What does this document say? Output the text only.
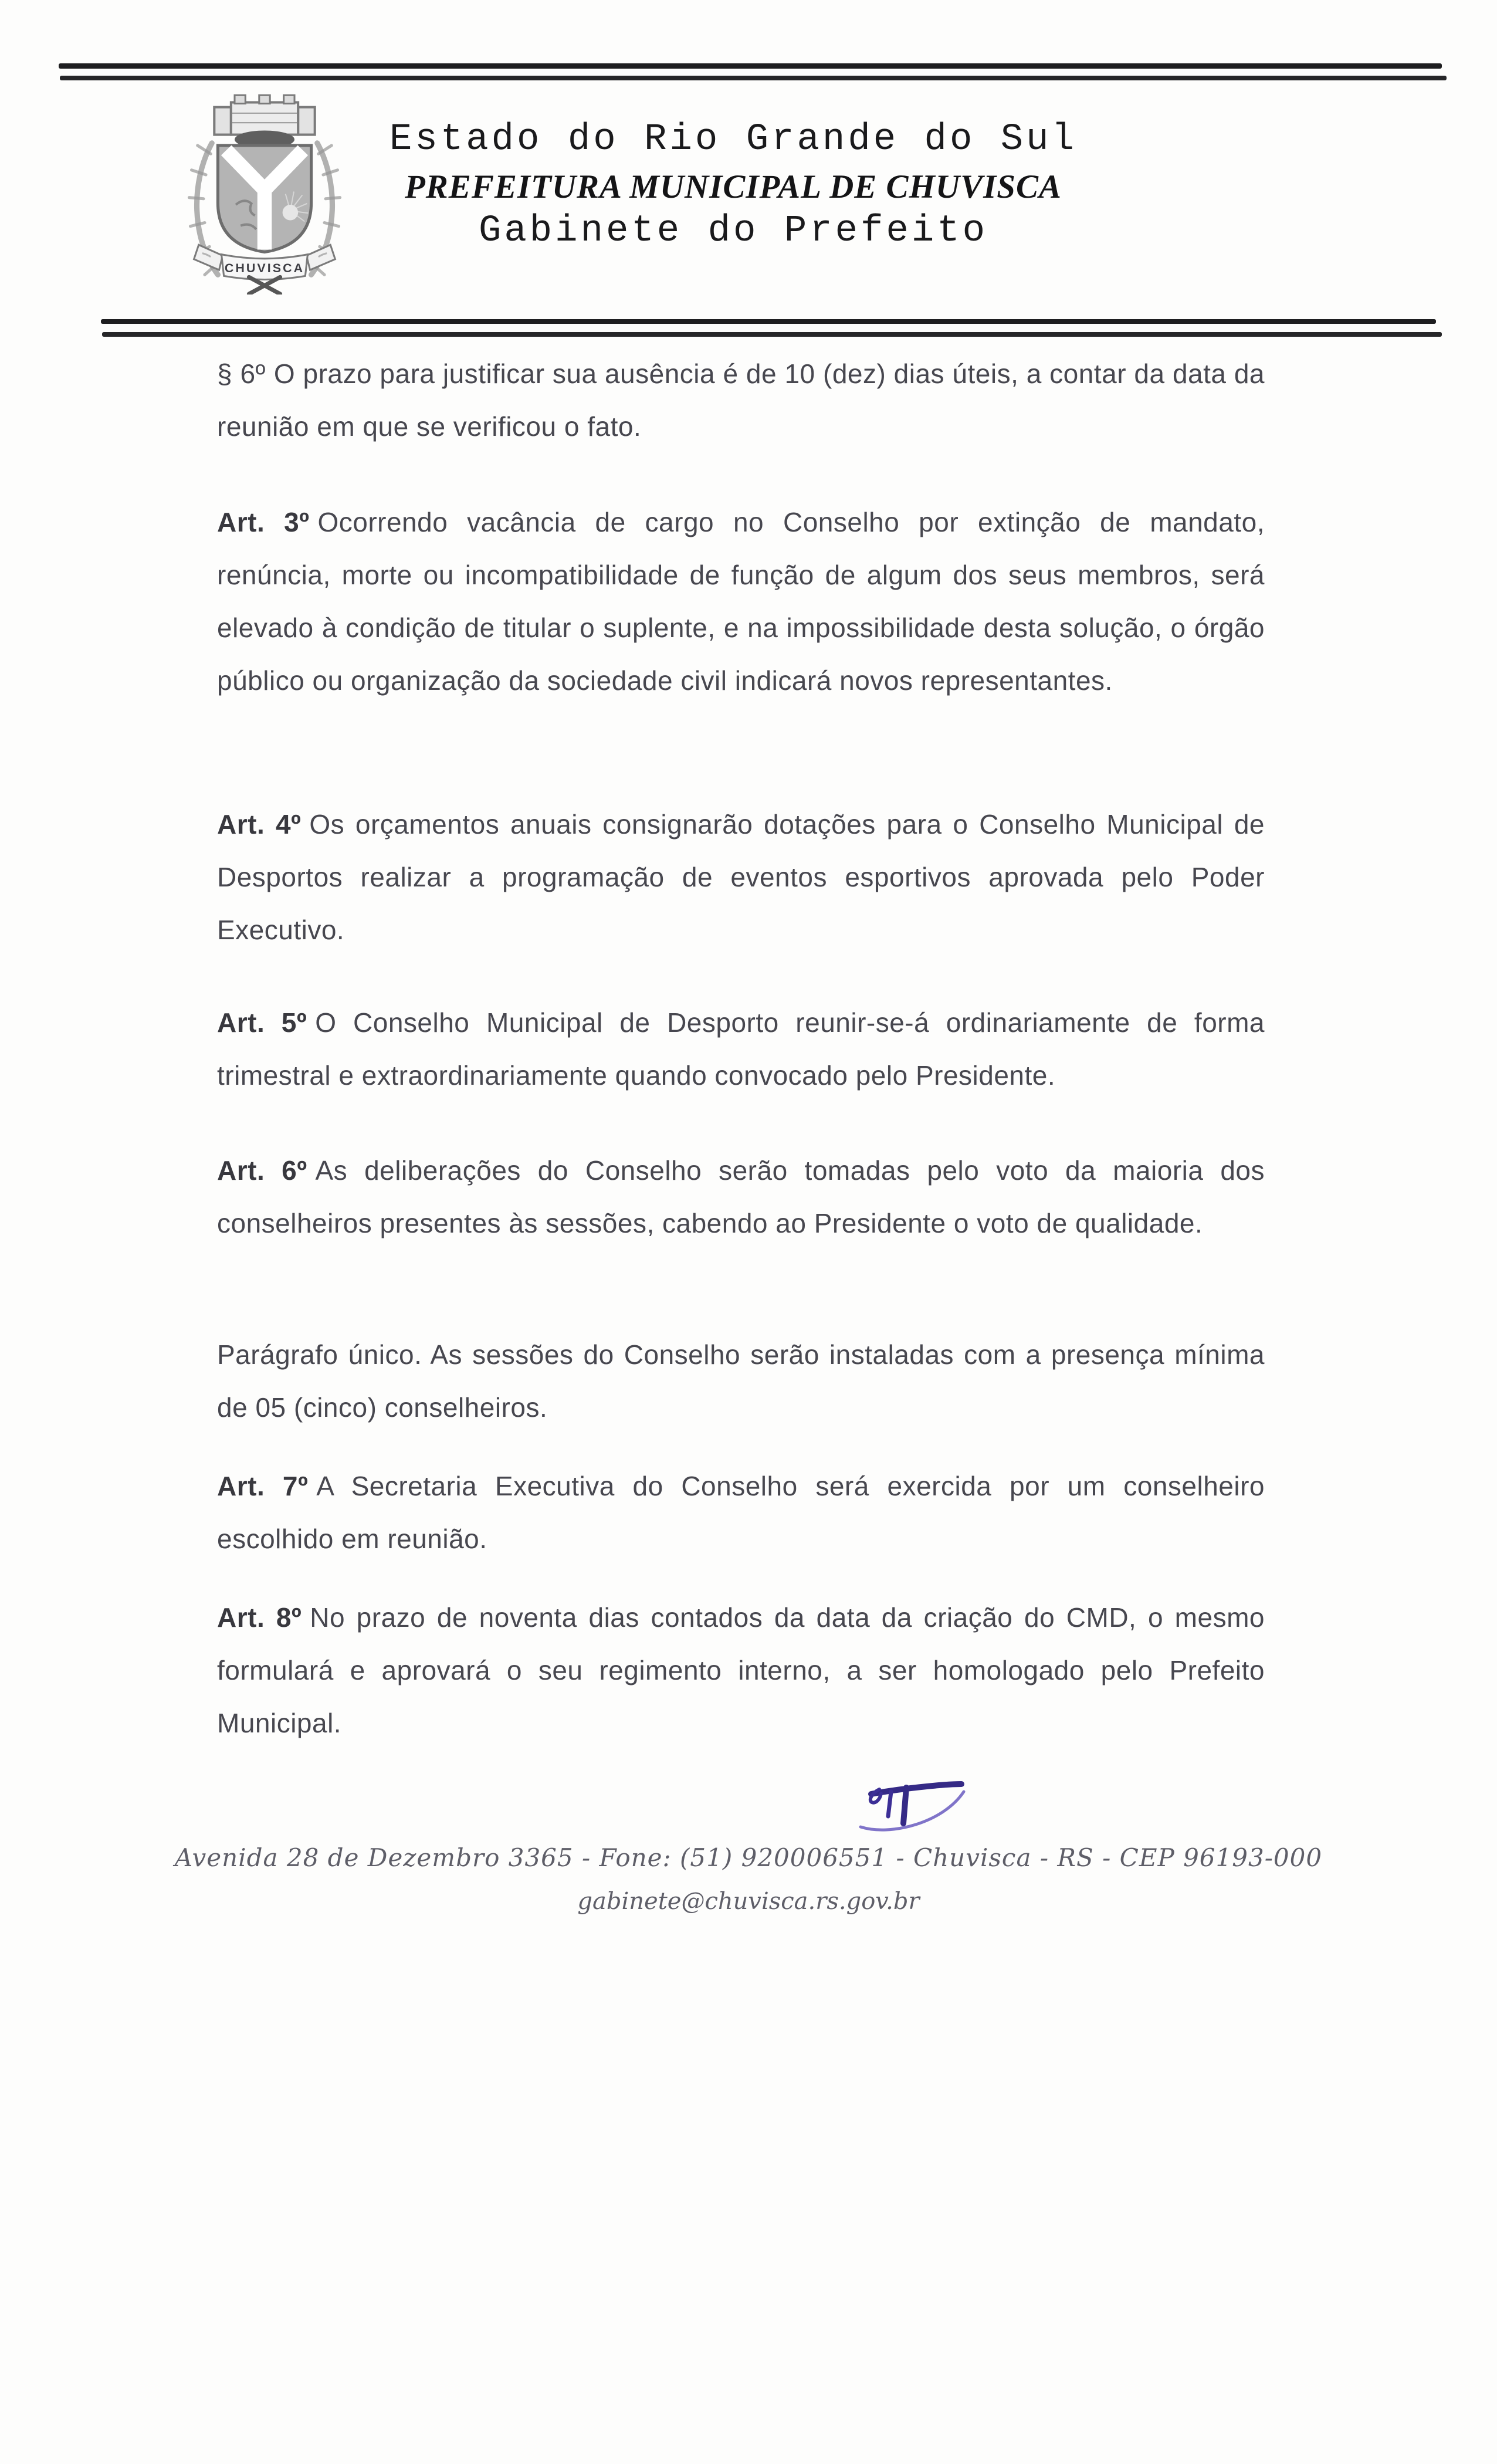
CHUVISCA
Estado do Rio Grande do Sul
PREFEITURA MUNICIPAL DE CHUVISCA
Gabinete do Prefeito
§ 6º O prazo para justificar sua ausência é de 10 (dez) dias úteis, a contar da data da reunião em que se verificou o fato.
Art. 3º Ocorrendo vacância de cargo no Conselho por extinção de mandato, renúncia, morte ou incompatibilidade de função de algum dos seus membros, será elevado à condição de titular o suplente, e na impossibilidade desta solução, o órgão público ou organização da sociedade civil indicará novos representantes.
Art. 4º Os orçamentos anuais consignarão dotações para o Conselho Municipal de Desportos realizar a programação de eventos esportivos aprovada pelo Poder Executivo.
Art. 5º O Conselho Municipal de Desporto reunir-se-á ordinariamente de forma trimestral e extraordinariamente quando convocado pelo Presidente.
Art. 6º As deliberações do Conselho serão tomadas pelo voto da maioria dos conselheiros presentes às sessões, cabendo ao Presidente o voto de qualidade.
Parágrafo único. As sessões do Conselho serão instaladas com a presença mínima de 05 (cinco) conselheiros.
Art. 7º A Secretaria Executiva do Conselho será exercida por um conselheiro escolhido em reunião.
Art. 8º No prazo de noventa dias contados da data da criação do CMD, o mesmo formulará e aprovará o seu regimento interno, a ser homologado pelo Prefeito Municipal.
Avenida 28 de Dezembro 3365 - Fone: (51) 920006551 - Chuvisca - RS - CEP 96193-000
gabinete@chuvisca.rs.gov.br
